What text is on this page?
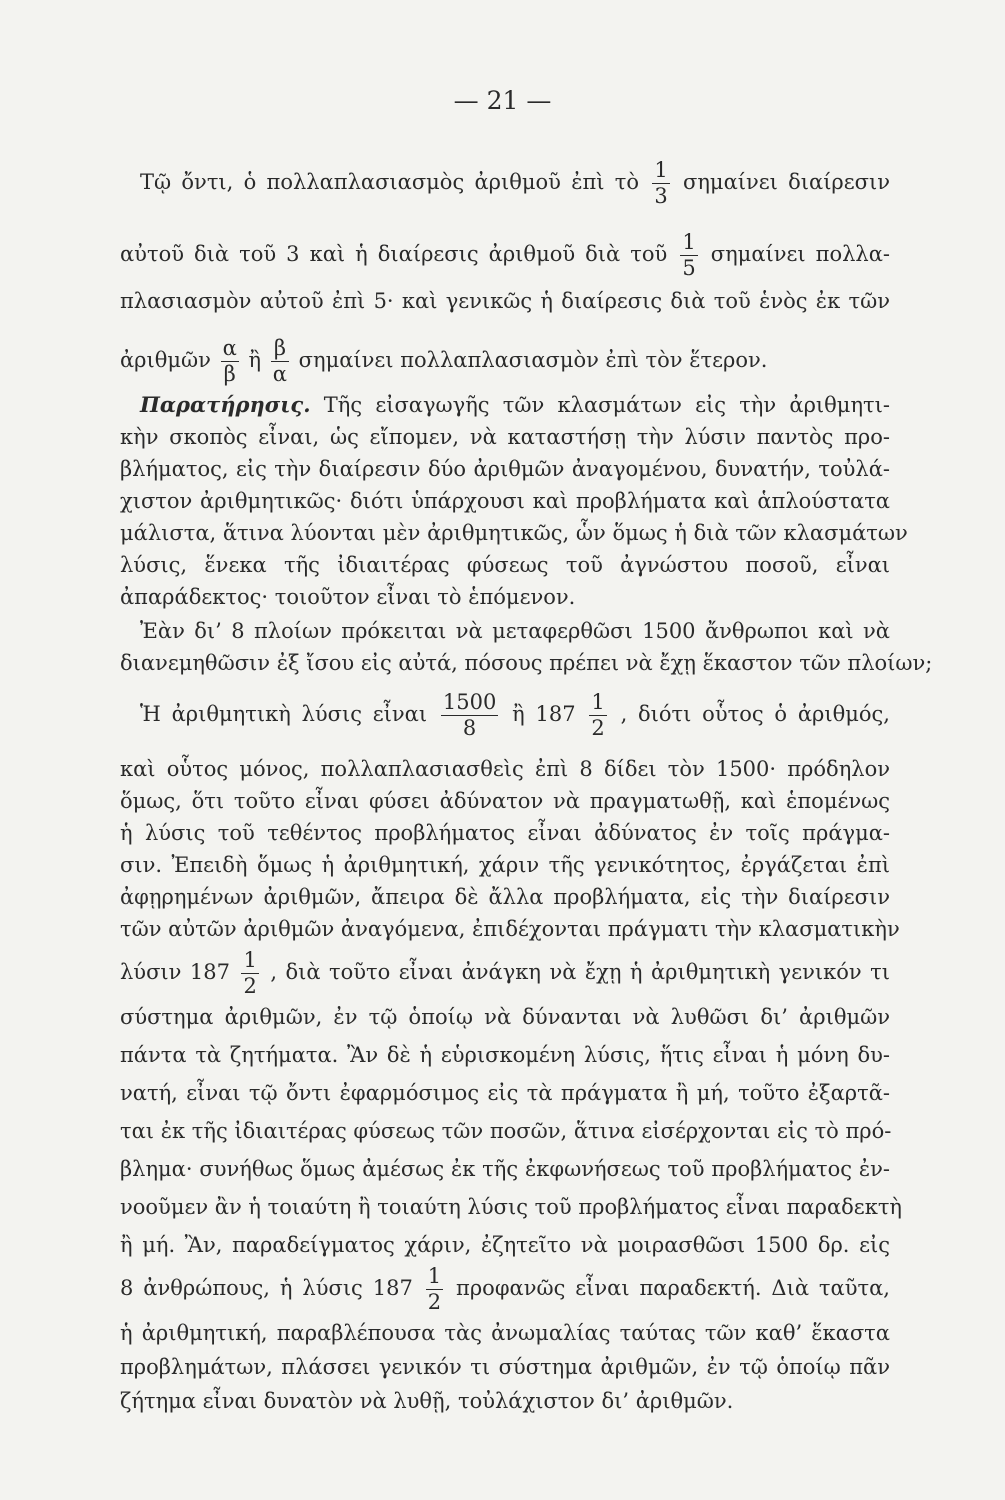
— 21 —
Τῷ ὄντι, ὁ πολλαπλασιασμὸς ἀριθμοῦ ἐπὶ τὸ $\frac{1}{3}$ σημαίνει διαίρεσιν
αὐτοῦ διὰ τοῦ 3 καὶ ἡ διαίρεσις ἀριθμοῦ διὰ τοῦ $\frac{1}{5}$ σημαίνει πολλα-
πλασιασμὸν αὐτοῦ ἐπὶ 5· καὶ γενικῶς ἡ διαίρεσις διὰ τοῦ ἑνὸς ἐκ τῶν
ἀριθμῶν $\frac{\alpha}{\beta}$ ἢ $\frac{\beta}{\alpha}$ σημαίνει πολλαπλασιασμὸν ἐπὶ τὸν ἕτερον.
Παρατήρησις. Τῆς εἰσαγωγῆς τῶν κλασμάτων εἰς τὴν ἀριθμητι-
κὴν σκοπὸς εἶναι, ὡς εἴπομεν, νὰ καταστήσῃ τὴν λύσιν παντὸς προ-
βλήματος, εἰς τὴν διαίρεσιν δύο ἀριθμῶν ἀναγομένου, δυνατήν, τοὐλά-
χιστον ἀριθμητικῶς· διότι ὑπάρχουσι καὶ προβλήματα καὶ ἁπλούστατα
μάλιστα, ἅτινα λύονται μὲν ἀριθμητικῶς, ὧν ὅμως ἡ διὰ τῶν κλασμάτων
λύσις, ἕνεκα τῆς ἰδιαιτέρας φύσεως τοῦ ἀγνώστου ποσοῦ, εἶναι
ἀπαράδεκτος· τοιοῦτον εἶναι τὸ ἑπόμενον.
Ἐὰν δι’ 8 πλοίων πρόκειται νὰ μεταφερθῶσι 1500 ἄνθρωποι καὶ νὰ
διανεμηθῶσιν ἐξ ἴσου εἰς αὐτά, πόσους πρέπει νὰ ἔχῃ ἕκαστον τῶν πλοίων;
Ἡ ἀριθμητικὴ λύσις εἶναι $\frac{1500}{8}$ ἢ $187 \frac{1}{2}$ , διότι οὗτος ὁ ἀριθμός,
καὶ οὗτος μόνος, πολλαπλασιασθεὶς ἐπὶ 8 δίδει τὸν 1500· πρόδηλον
ὅμως, ὅτι τοῦτο εἶναι φύσει ἀδύνατον νὰ πραγματωθῇ, καὶ ἑπομένως
ἡ λύσις τοῦ τεθέντος προβλήματος εἶναι ἀδύνατος ἐν τοῖς πράγμα-
σιν. Ἐπειδὴ ὅμως ἡ ἀριθμητική, χάριν τῆς γενικότητος, ἐργάζεται ἐπὶ
ἀφῃρημένων ἀριθμῶν, ἄπειρα δὲ ἄλλα προβλήματα, εἰς τὴν διαίρεσιν
τῶν αὐτῶν ἀριθμῶν ἀναγόμενα, ἐπιδέχονται πράγματι τὴν κλασματικὴν
λύσιν $187 \frac{1}{2}$ , διὰ τοῦτο εἶναι ἀνάγκη νὰ ἔχῃ ἡ ἀριθμητικὴ γενικόν τι
σύστημα ἀριθμῶν, ἐν τῷ ὁποίῳ νὰ δύνανται νὰ λυθῶσι δι’ ἀριθμῶν
πάντα τὰ ζητήματα. Ἂν δὲ ἡ εὑρισκομένη λύσις, ἥτις εἶναι ἡ μόνη δυ-
νατή, εἶναι τῷ ὄντι ἐφαρμόσιμος εἰς τὰ πράγματα ἢ μή, τοῦτο ἐξαρτᾶ-
ται ἐκ τῆς ἰδιαιτέρας φύσεως τῶν ποσῶν, ἅτινα εἰσέρχονται εἰς τὸ πρό-
βλημα· συνήθως ὅμως ἀμέσως ἐκ τῆς ἐκφωνήσεως τοῦ προβλήματος ἐν-
νοοῦμεν ἂν ἡ τοιαύτη ἢ τοιαύτη λύσις τοῦ προβλήματος εἶναι παραδεκτὴ
ἢ μή. Ἂν, παραδείγματος χάριν, ἐζητεῖτο νὰ μοιρασθῶσι 1500 δρ. εἰς
8 ἀνθρώπους, ἡ λύσις $187 \frac{1}{2}$ προφανῶς εἶναι παραδεκτή. Διὰ ταῦτα,
ἡ ἀριθμητική, παραβλέπουσα τὰς ἀνωμαλίας ταύτας τῶν καθ’ ἕκαστα
προβλημάτων, πλάσσει γενικόν τι σύστημα ἀριθμῶν, ἐν τῷ ὁποίῳ πᾶν
ζήτημα εἶναι δυνατὸν νὰ λυθῇ, τοὐλάχιστον δι’ ἀριθμῶν.
